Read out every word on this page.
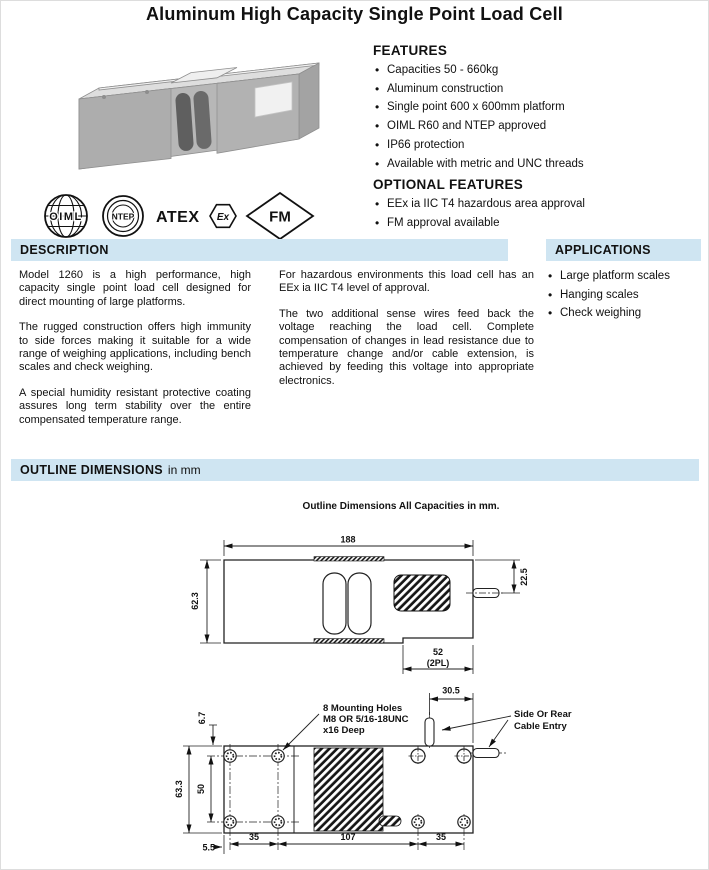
Aluminum High Capacity Single Point Load Cell
OIML	NTEP ATEX Ex	FM
FEATURES
• Capacities 50 - 660kg
• Aluminum construction
• Single point 600 x 600mm platform
• OIML R60 and NTEP approved
• IP66 protection
• Available with metric and UNC threads
OPTIONAL FEATURES
• EEx ia IIC T4 hazardous area approval
• FM approval available
DESCRIPTION	APPLICATIONS

Model 1260 is a high performance, high capacity single point load cell designed for direct mounting of large platforms.

The rugged construction offers high immunity to side forces making it suitable for a wide range of weighing applications, including bench scales and check weighing.

A special humidity resistant protective coating assures long term stability over the entire compensated temperature range.

For hazardous environments this load cell has an EEx ia IIC T4 level of approval.

The two additional sense wires feed back the voltage reaching the load cell. Complete compensation of changes in lead resistance due to temperature change and/or cable extension, is achieved by feeding this voltage into appropriate electronics.

• Large platform scales
• Hanging scales
• Check weighing
OUTLINE DIMENSIONS in mm
Outline Dimensions All Capacities in mm.
188
62.3
22.5
52
(2PL)
30.5
6.7
63.3 50
5.5
35	107	35
8 Mounting Holes
M8 OR 5/16-18UNC
x16 Deep
Side Or Rear
Cable Entry
